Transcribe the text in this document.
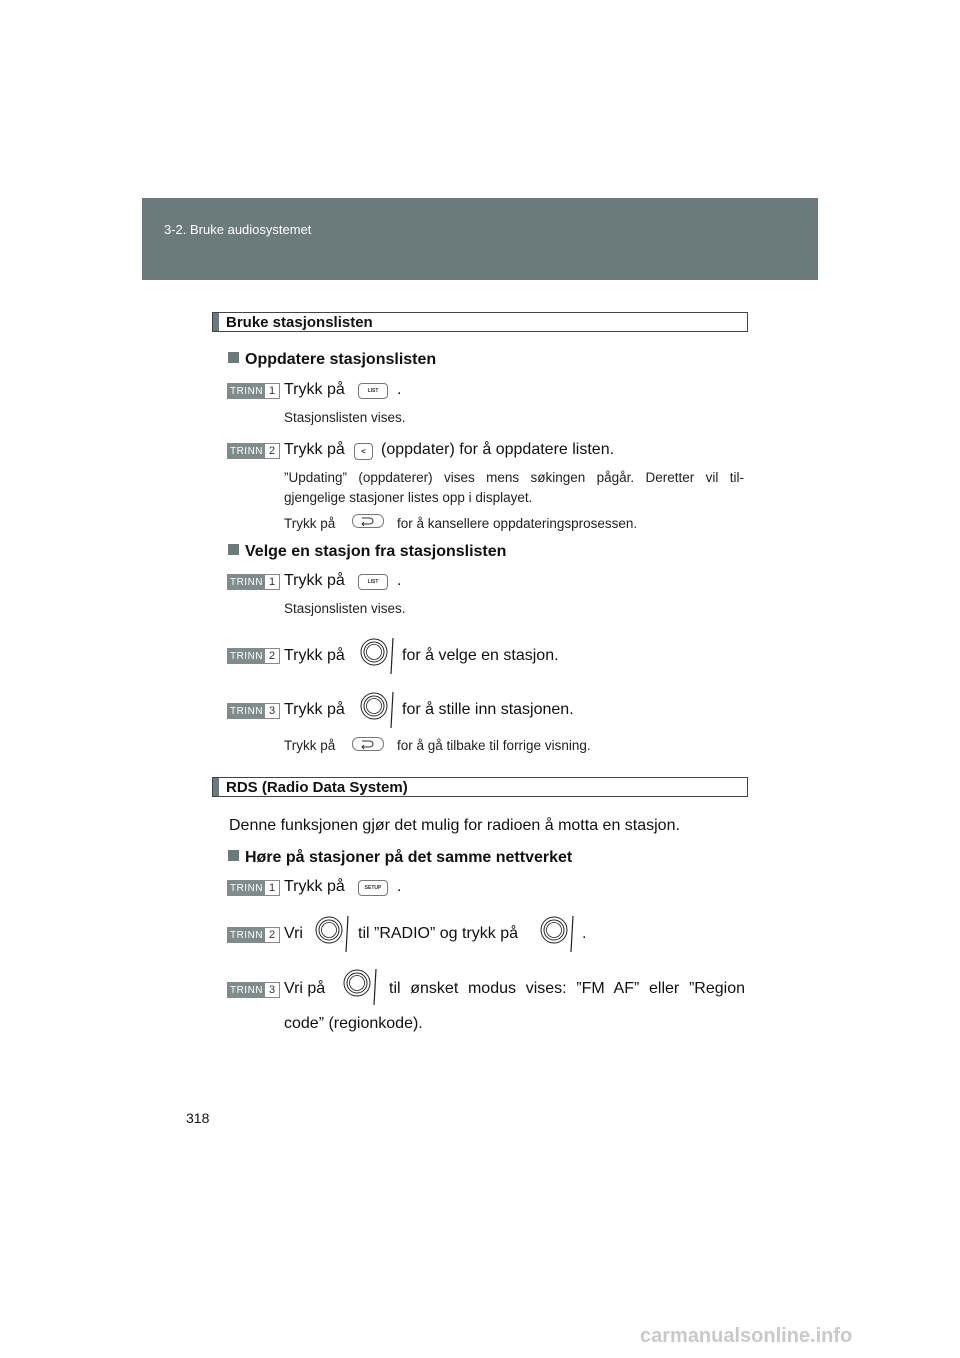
3-2. Bruke audiosystemet
Bruke stasjonslisten
Oppdatere stasjonslisten
TRINN 1 Trykk på	LIST	.
Stasjonslisten vises.
TRINN 2 Trykk på	< (oppdater) for å oppdatere listen.
”Updating” (oppdaterer) vises mens søkingen pågår. Deretter vil til-gjengelige stasjoner listes opp i displayet.
Trykk på	for å kansellere oppdateringsprosessen.
Velge en stasjon fra stasjonslisten
TRINN 1 Trykk på	LIST	.
Stasjonslisten vises.
TRINN 2 Trykk på	for å velge en stasjon.
TRINN 3 Trykk på	for å stille inn stasjonen.
Trykk på	for å gå tilbake til forrige visning.
RDS (Radio Data System)
Denne funksjonen gjør det mulig for radioen å motta en stasjon.
Høre på stasjoner på det samme nettverket
TRINN 1 Trykk på	SETUP .
TRINN 2 Vri	til ”RADIO” og trykk på	.
TRINN 3 Vri på	til ønsket modus vises: ”FM AF” eller ”Region
code” (regionkode).
318
carmanualsonline.info
